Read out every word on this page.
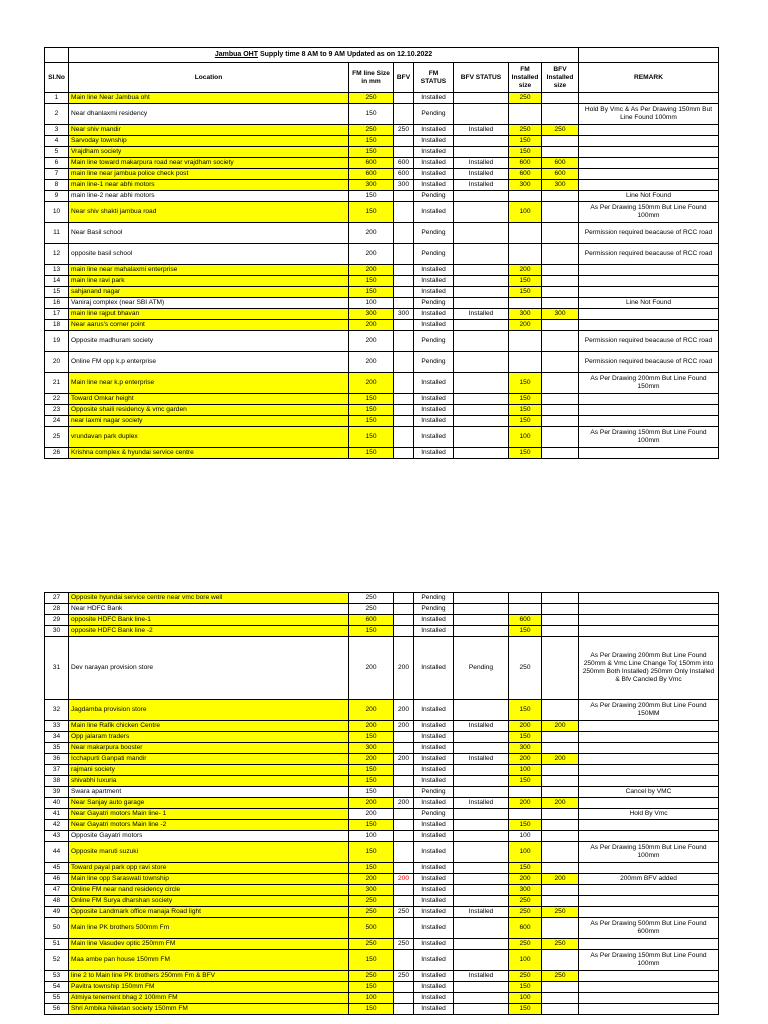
	Jambua OHT Supply time 8 AM to 9 AM Updated as on 12.10.2022							
Sl.No	Location	FM line Size in mm	BFV	FM STATUS	BFV STATUS	FM Installed size	BFV Installed size	REMARK
1	Main line Near Jambua oht	250		Installed		250		
2	Near dhanlaxmi residency	150		Pending				Hold By Vmc & As Per Drawing 150mm But Line Found 100mm
3	Near shiv mandir	250	250	Installed	Installed	250	250	
4	Sarvoday township	150		Installed		150		
5	Vrajdham society	150		Installed		150		
6	Main line toward makarpura road near vrajdham society	600	600	Installed	Installed	600	600	
7	main line near jambua police check post	600	600	Installed	Installed	600	600	
8	main line-1 near abhi motors	300	300	Installed	Installed	300	300	
9	main line-2 near abhi motors	150		Pending				Line Not Found
10	Near shiv shakti jambua road	150		Installed		100		As Per Drawing 150mm But Line Found 100mm
11	Near Basil school	200		Pending				Permission required beacause of RCC road
12	opposite basil school	200		Pending				Permission required beacause of RCC road
13	main line near mahalaxmi enterprise	200		Installed		200		
14	main line ravi park	150		Installed		150		
15	sahjanand nagar	150		Installed		150		
16	Vaniraj complex (near SBI ATM)	100		Pending				Line Not Found
17	main line rajput bhavan	300	300	Installed	Installed	300	300	
18	Near aarus's corner point	200		Installed		200		
19	Opposite madhuram society	200		Pending				Permission required beacause of RCC road
20	Online FM opp k.p enterprise	200		Pending				Permission required beacause of RCC road
21	Main line near k.p enterprise	200		Installed		150		As Per Drawing 200mm But Line Found 150mm
22	Toward Omkar height	150		Installed		150		
23	Opposite shaili residency & vmc garden	150		Installed		150		
24	near laxmi nagar society	150		Installed		150		
25	vrundavan park duplex	150		Installed		100		As Per Drawing 150mm But Line Found 100mm
26	Krishna complex & hyundai service centre	150		Installed		150		
27	Opposite hyundai service centre near vmc bore well	250		Pending				
28	Near HDFC Bank	250		Pending				
29	opposite HDFC Bank line-1	600		Installed		600		
30	opposite HDFC Bank line -2	150		Installed		150		
31	Dev narayan provision store	200	200	Installed	Pending	250		As Per Drawing 200mm But Line Found 250mm & Vmc Line Change To( 150mm into 250mm Both Installed) 250mm Only Installed & Bfv Cancled By Vmc
32	Jagdamba provision store	200	200	Installed		150		As Per Drawing 200mm But Line Found 150MM
33	Main line Rafik chicken Centre	200	200	Installed	Installed	200	200	
34	Opp jalaram traders	150		Installed		150		
35	Near makarpura booster	300		Installed		300		
36	Icchapurti Ganpati mandir	200	200	Installed	Installed	200	200	
37	rajmani society	150		Installed		100		
38	shivabhi luxuria	150		Installed		150		
39	Swara apartment	150		Pending				Cancel by VMC
40	Near Sanjay auto garage	200	200	Installed	Installed	200	200	
41	Near Gayatri motors Main line- 1	200		Pending				Hold By Vmc
42	Near Gayatri motors Main line -2	150		Installed		150		
43	Opposite Gayatri motors	100		Installed		100		
44	Opposite maruti suzuki	150		Installed		100		As Per Drawing 150mm But Line Found 100mm
45	Toward payal park opp ravi store	150		Installed		150		
46	Main line opp Saraswati township	200	200	Installed		200	200	200mm BFV added
47	Online FM near nand residency circle	300		Installed		300		
48	Online FM Surya dharshan society	250		Installed		250		
49	Opposite Landmark office manaja Road light	250	250	Installed	Installed	250	250	
50	Main line PK brothers 500mm Fm	500		Installed		600		As Per Drawing 500mm But Line Found 600mm
51	Main line Vasudev optic 250mm FM	250	250	Installed		250	250	
52	Maa ambe pan house 150mm FM	150		Installed		100		As Per Drawing 150mm But Line Found 100mm
53	line 2 to Main line PK brothers 250mm Fm & BFV	250	250	Installed	Installed	250	250	
54	Pavitra township 150mm FM	150		Installed		150		
55	Atmiya tenement bhag 2 100mm FM	100		Installed		100		
56	Shri Ambika Niketan society 150mm FM	150		Installed		150		
